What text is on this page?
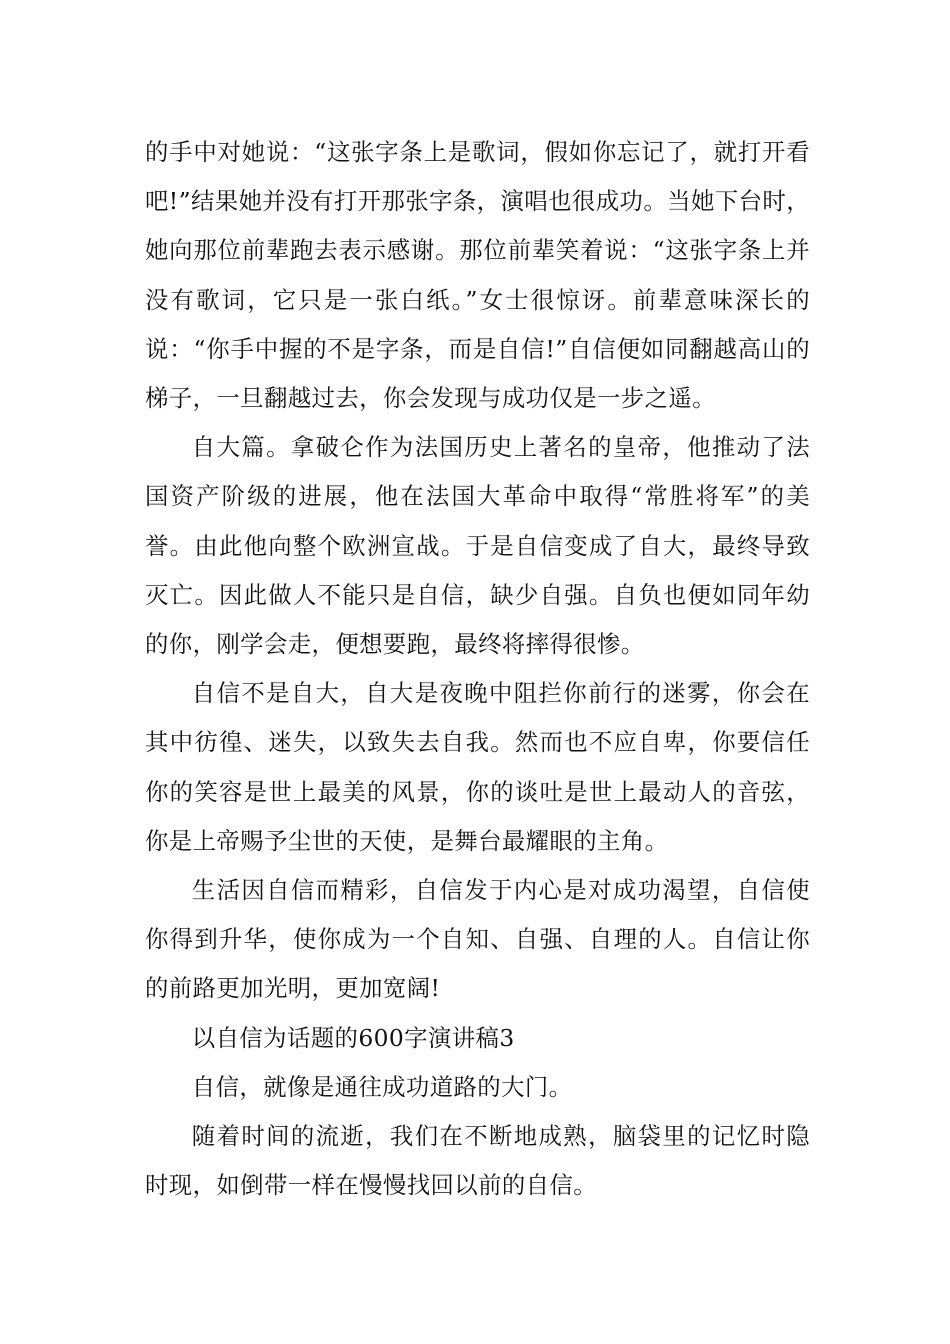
的手中对她说：“这张字条上是歌词，假如你忘记了，就打开看吧!”结果她并没有打开那张字条，演唱也很成功。当她下台时，她向那位前辈跑去表示感谢。那位前辈笑着说：“这张字条上并没有歌词，它只是一张白纸。”女士很惊讶。前辈意味深长的说：“你手中握的不是字条，而是自信!”自信便如同翻越高山的梯子，一旦翻越过去，你会发现与成功仅是一步之遥。

自大篇。拿破仑作为法国历史上著名的皇帝，他推动了法国资产阶级的进展，他在法国大革命中取得“常胜将军”的美誉。由此他向整个欧洲宣战。于是自信变成了自大，最终导致灭亡。因此做人不能只是自信，缺少自强。自负也便如同年幼的你，刚学会走，便想要跑，最终将摔得很惨。

自信不是自大，自大是夜晚中阻拦你前行的迷雾，你会在其中彷徨、迷失，以致失去自我。然而也不应自卑，你要信任你的笑容是世上最美的风景，你的谈吐是世上最动人的音弦，你是上帝赐予尘世的天使，是舞台最耀眼的主角。

生活因自信而精彩，自信发于内心是对成功渴望，自信使你得到升华，使你成为一个自知、自强、自理的人。自信让你的前路更加光明，更加宽阔!

以自信为话题的600字演讲稿3

自信，就像是通往成功道路的大门。

随着时间的流逝，我们在不断地成熟，脑袋里的记忆时隐时现，如倒带一样在慢慢找回以前的自信。
